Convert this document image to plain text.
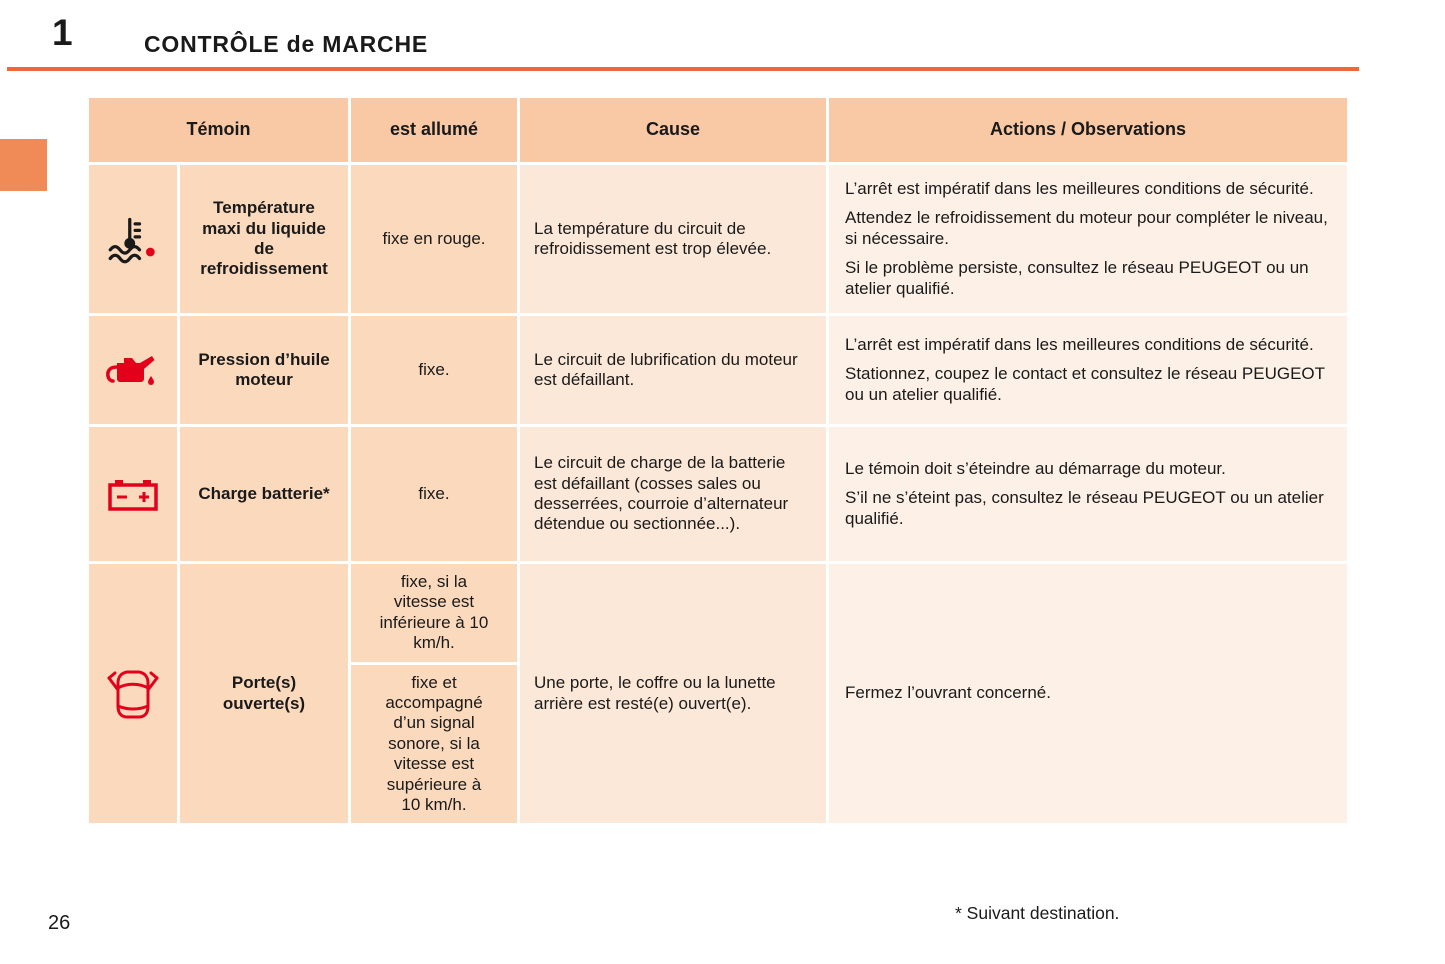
1	CONTRÔLE de MARCHE
Témoin		est allumé	Cause	Actions / Observations
	Température maxi du liquide de refroidissement	fixe en rouge.	La température du circuit de refroidissement est trop élevée.	L’arrêt est impératif dans les meilleures conditions de sécurité.

Attendez le refroidissement du moteur pour compléter le niveau, si nécessaire.

Si le problème persiste, consultez le réseau PEUGEOT ou un atelier qualifié.

	Pression d’huile moteur	fixe.	Le circuit de lubrification du moteur est défaillant.	L’arrêt est impératif dans les meilleures conditions de sécurité.

Stationnez, coupez le contact et consultez le réseau PEUGEOT ou un atelier qualifié.

	Charge batterie*	fixe.	Le circuit de charge de la batterie est défaillant (cosses sales ou desserrées, courroie d’alternateur détendue ou sectionnée...).	Le témoin doit s’éteindre au démarrage du moteur.

S’il ne s’éteint pas, consultez le réseau PEUGEOT ou un atelier qualifié.

	Porte(s) ouverte(s)	fixe, si la vitesse est inférieure à 10 km/h.	Une porte, le coffre ou la lunette arrière est resté(e) ouvert(e).	Fermez l’ouvrant concerné.

		fixe et accompagné d’un signal sonore, si la vitesse est supérieure à 10 km/h.		
* Suivant destination.
26
